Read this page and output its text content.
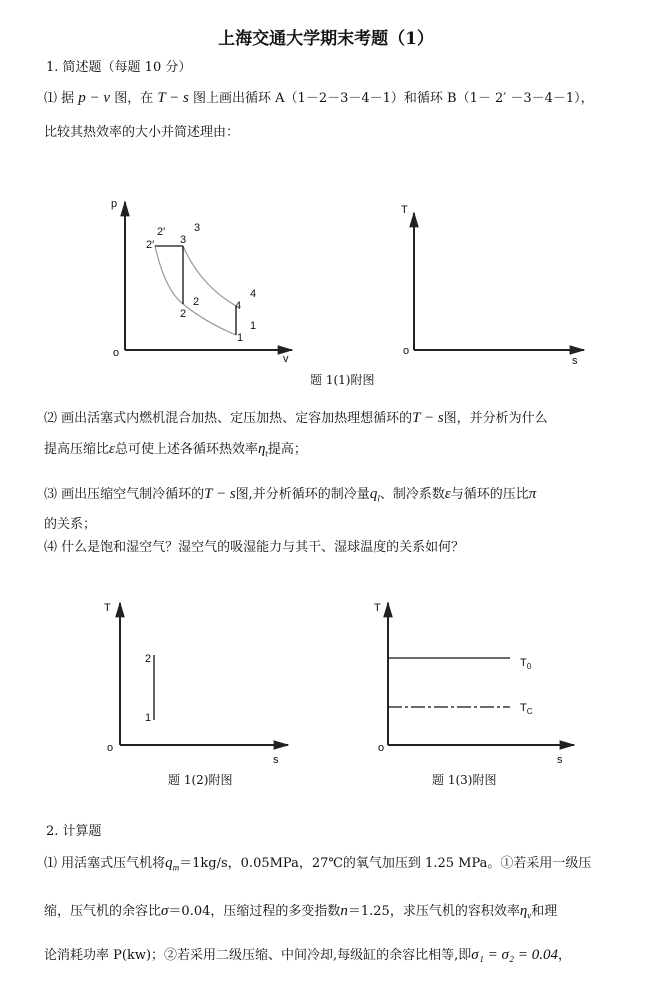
上海交通大学期末考题（1）
1. 简述题（每题 10 分）
⑴ 据 p − v 图，在 T − s 图上画出循环 A（1－2－3－4－1）和循环 B（1－ 2′ －3－4－1），
比较其热效率的大小并简述理由：
题 1(1)附图
⑵ 画出活塞式内燃机混合加热、定压加热、定容加热理想循环的T − s图，并分析为什么
提高压缩比ε总可使上述各循环热效率$\eta_t$提高；
⑶ 画出压缩空气制冷循环的T − s图,并分析循环的制冷量$q_l$、制冷系数ε与循环的压比π
的关系；
⑷ 什么是饱和湿空气？湿空气的吸湿能力与其干、湿球温度的关系如何？
题 1(2)附图	题 1(3)附图
2. 计算题
⑴ 用活塞式压气机将$q_m=1kg/s$，0.05MPa，27℃的氧气加压到 1.25 MPa。①若采用一级压
缩，压气机的余容比σ＝0.04，压缩过程的多变指数n＝1.25，求压气机的容积效率$\eta_v$和理
论消耗功率 P(kw)；②若采用二级压缩、中间冷却,每级缸的余容比相等,即σ₁ = σ₂ = 0.04，
p
o	v
2′
2′
3
3
2
2	4
4
1
1
T
o
s
T
o
s
2
1
T
o
s
$T_0$
$T_C$
